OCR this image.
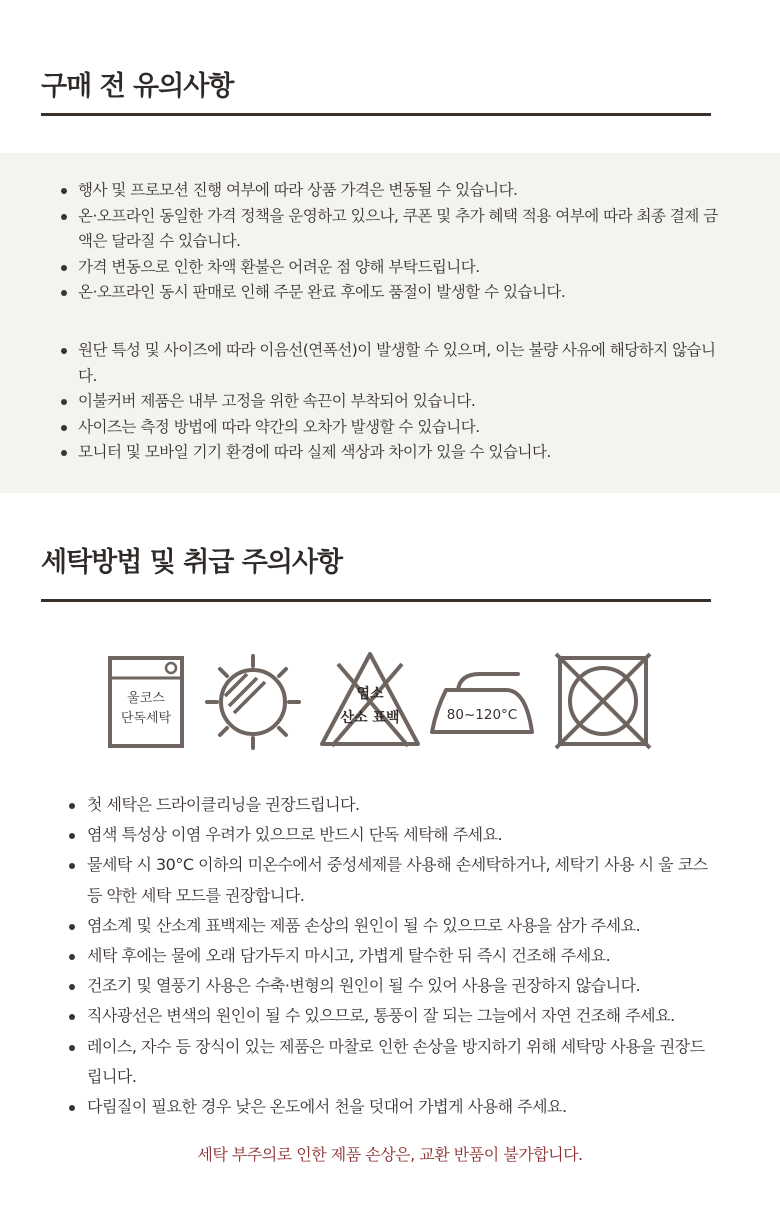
구매 전 유의사항
행사 및 프로모션 진행 여부에 따라 상품 가격은 변동될 수 있습니다.
온·오프라인 동일한 가격 정책을 운영하고 있으나, 쿠폰 및 추가 혜택 적용 여부에 따라 최종 결제 금액은 달라질 수 있습니다.
가격 변동으로 인한 차액 환불은 어려운 점 양해 부탁드립니다.
온·오프라인 동시 판매로 인해 주문 완료 후에도 품절이 발생할 수 있습니다.
원단 특성 및 사이즈에 따라 이음선(연폭선)이 발생할 수 있으며, 이는 불량 사유에 해당하지 않습니다.
이불커버 제품은 내부 고정을 위한 속끈이 부착되어 있습니다.
사이즈는 측정 방법에 따라 약간의 오차가 발생할 수 있습니다.
모니터 및 모바일 기기 환경에 따라 실제 색상과 차이가 있을 수 있습니다.
세탁방법 및 취급 주의사항
울코스
단독세탁
염소
산소 표백	80~120°C
첫 세탁은 드라이클리닝을 권장드립니다.
염색 특성상 이염 우려가 있으므로 반드시 단독 세탁해 주세요.
물세탁 시 30°C 이하의 미온수에서 중성세제를 사용해 손세탁하거나, 세탁기 사용 시 울 코스 등 약한 세탁 모드를 권장합니다.
염소계 및 산소계 표백제는 제품 손상의 원인이 될 수 있으므로 사용을 삼가 주세요.
세탁 후에는 물에 오래 담가두지 마시고, 가볍게 탈수한 뒤 즉시 건조해 주세요.
건조기 및 열풍기 사용은 수축·변형의 원인이 될 수 있어 사용을 권장하지 않습니다.
직사광선은 변색의 원인이 될 수 있으므로, 통풍이 잘 되는 그늘에서 자연 건조해 주세요.
레이스, 자수 등 장식이 있는 제품은 마찰로 인한 손상을 방지하기 위해 세탁망 사용을 권장드립니다.
다림질이 필요한 경우 낮은 온도에서 천을 덧대어 가볍게 사용해 주세요.

세탁 부주의로 인한 제품 손상은, 교환 반품이 불가합니다.
